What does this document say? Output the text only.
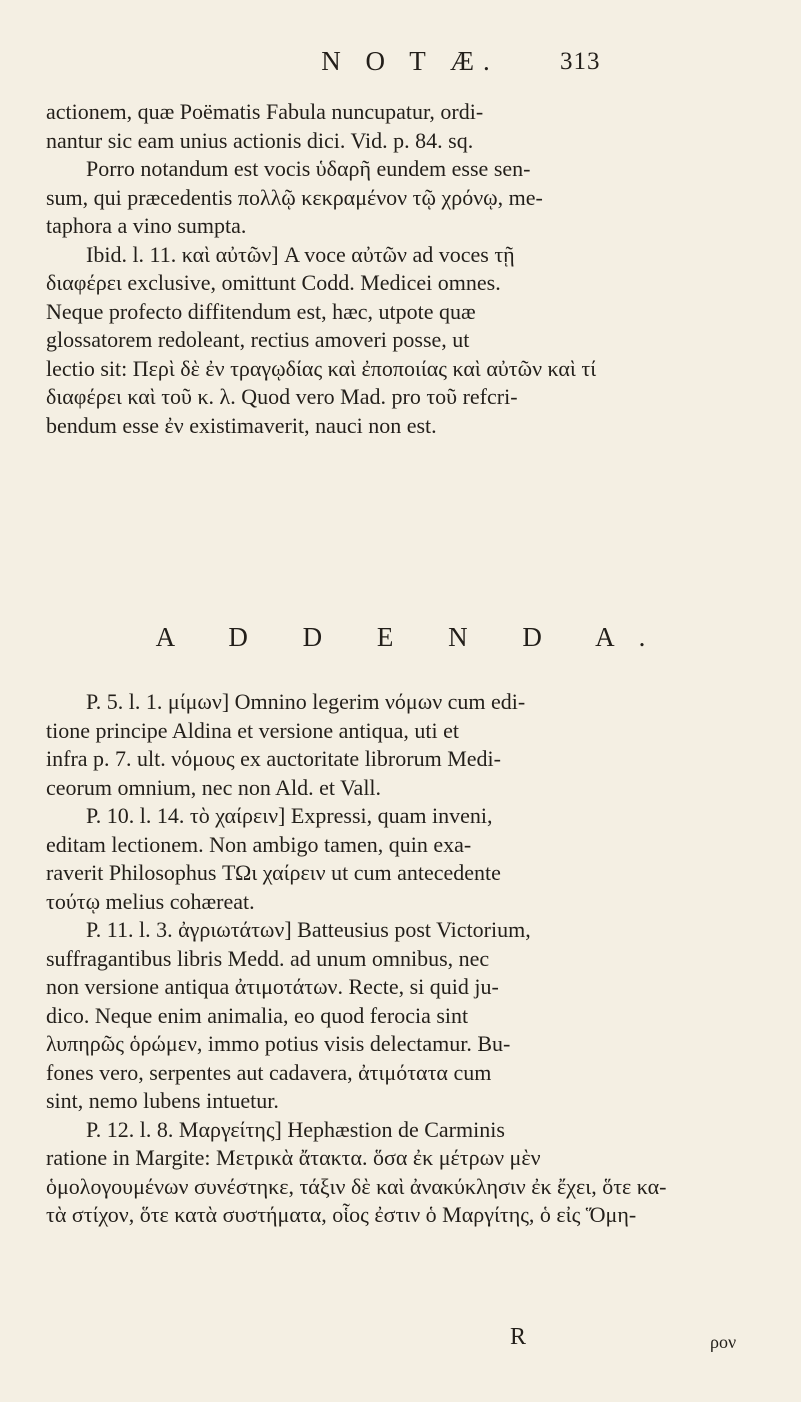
N O T Æ. 313
actionem, quæ Poëmatis Fabula nuncupatur, ordi-
nantur sic eam unius actionis dici. Vid. p. 84. sq.
Porro notandum est vocis ὑδαρῆ eundem esse sen-
sum, qui præcedentis πολλῷ κεκραμένον τῷ χρόνῳ, me-
taphora a vino sumpta.
Ibid. l. 11. καὶ αὐτῶν] A voce αὐτῶν ad voces τῇ
διαφέρει exclusive, omittunt Codd. Medicei omnes.
Neque profecto diffitendum est, hæc, utpote quæ
glossatorem redoleant, rectius amoveri posse, ut
lectio sit: Περὶ δὲ ἐν τραγῳδίας καὶ ἐποποιίας καὶ αὐτῶν καὶ τί
διαφέρει καὶ τοῦ κ. λ. Quod vero Mad. pro τοῦ refcri-
bendum esse ἐν existimaverit, nauci non est.
A D D E N D A.
P. 5. l. 1. μίμων] Omnino legerim νόμων cum edi-
tione principe Aldina et versione antiqua, uti et
infra p. 7. ult. νόμους ex auctoritate librorum Medi-
ceorum omnium, nec non Ald. et Vall.
P. 10. l. 14. τὸ χαίρειν] Expressi, quam inveni,
editam lectionem. Non ambigo tamen, quin exa-
raverit Philosophus ΤΩι χαίρειν ut cum antecedente
τούτῳ melius cohæreat.
P. 11. l. 3. ἀγριωτάτων] Batteusius post Victorium,
suffragantibus libris Medd. ad unum omnibus, nec
non versione antiqua ἀτιμοτάτων. Recte, si quid ju-
dico. Neque enim animalia, eo quod ferocia sint
λυπηρῶς ὁρώμεν, immo potius visis delectamur. Bu-
fones vero, serpentes aut cadavera, ἀτιμότατα cum
sint, nemo lubens intuetur.
P. 12. l. 8. Μαργείτης] Hephæstion de Carminis
ratione in Margite: Μετρικὰ ἄτακτα. ὅσα ἐκ μέτρων μὲν
ὁμολογουμένων συνέστηκε, τάξιν δὲ καὶ ἀνακύκλησιν ἐκ ἔχει, ὅτε κα-
τὰ στίχον, ὅτε κατὰ συστήματα, οἷος ἐστιν ὁ Μαργίτης, ὁ εἰς Ὅμη-
R	ρον
